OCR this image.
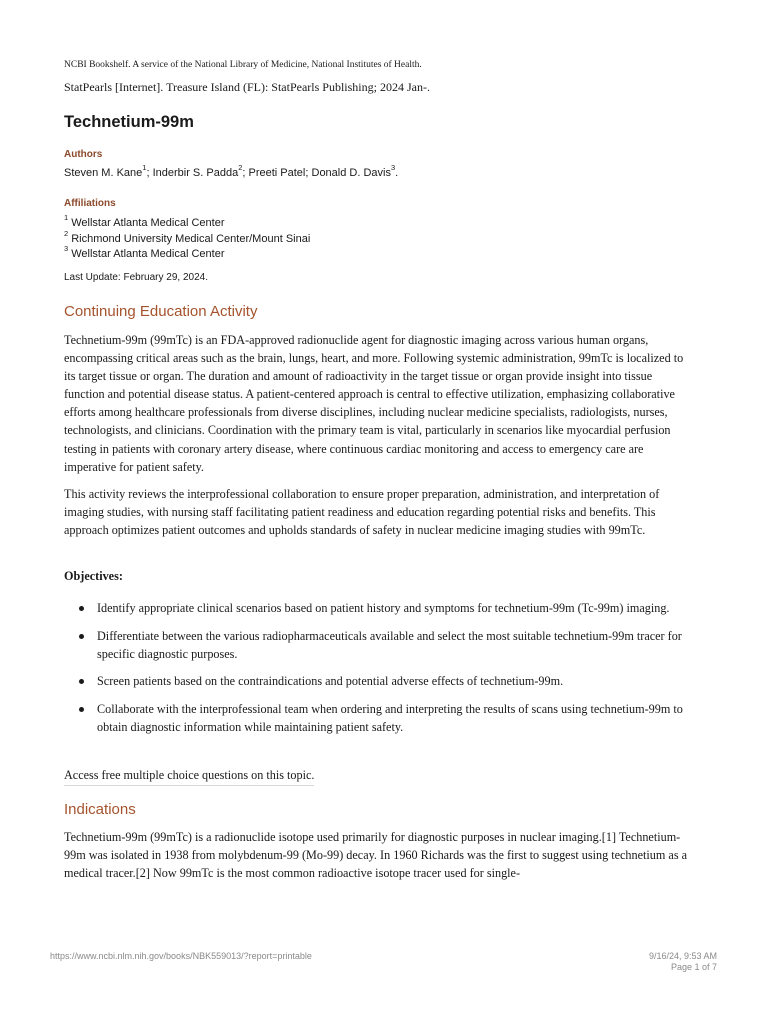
NCBI Bookshelf. A service of the National Library of Medicine, National Institutes of Health.
StatPearls [Internet]. Treasure Island (FL): StatPearls Publishing; 2024 Jan-.
Technetium-99m
Authors
Steven M. Kane$^1$; Inderbir S. Padda$^2$; Preeti Patel; Donald D. Davis$^3$.
Affiliations
$^1$ Wellstar Atlanta Medical Center
$^2$ Richmond University Medical Center/Mount Sinai
$^3$ Wellstar Atlanta Medical Center
Last Update: February 29, 2024.
Continuing Education Activity

Technetium-99m (99mTc) is an FDA-approved radionuclide agent for diagnostic imaging across various human organs, encompassing critical areas such as the brain, lungs, heart, and more. Following systemic administration, 99mTc is localized to its target tissue or organ. The duration and amount of radioactivity in the target tissue or organ provide insight into tissue function and potential disease status. A patient-centered approach is central to effective utilization, emphasizing collaborative efforts among healthcare professionals from diverse disciplines, including nuclear medicine specialists, radiologists, nurses, technologists, and clinicians. Coordination with the primary team is vital, particularly in scenarios like myocardial perfusion testing in patients with coronary artery disease, where continuous cardiac monitoring and access to emergency care are imperative for patient safety.

This activity reviews the interprofessional collaboration to ensure proper preparation, administration, and interpretation of imaging studies, with nursing staff facilitating patient readiness and education regarding potential risks and benefits. This approach optimizes patient outcomes and upholds standards of safety in nuclear medicine imaging studies with 99mTc.

Objectives:

Identify appropriate clinical scenarios based on patient history and symptoms for technetium-99m (Tc-99m) imaging.
Differentiate between the various radiopharmaceuticals available and select the most suitable technetium-99m tracer for specific diagnostic purposes.
Screen patients based on the contraindications and potential adverse effects of technetium-99m.
Collaborate with the interprofessional team when ordering and interpreting the results of scans using technetium-99m to obtain diagnostic information while maintaining patient safety.
Access free multiple choice questions on this topic.
Indications

Technetium-99m (99mTc) is a radionuclide isotope used primarily for diagnostic purposes in nuclear imaging.[1] Technetium-99m was isolated in 1938 from molybdenum-99 (Mo-99) decay. In 1960 Richards was the first to suggest using technetium as a medical tracer.[2] Now 99mTc is the most common radioactive isotope tracer used for single-

https://www.ncbi.nlm.nih.gov/books/NBK559013/?report=printable	9/16/24, 9:53 AM
Page 1 of 7
